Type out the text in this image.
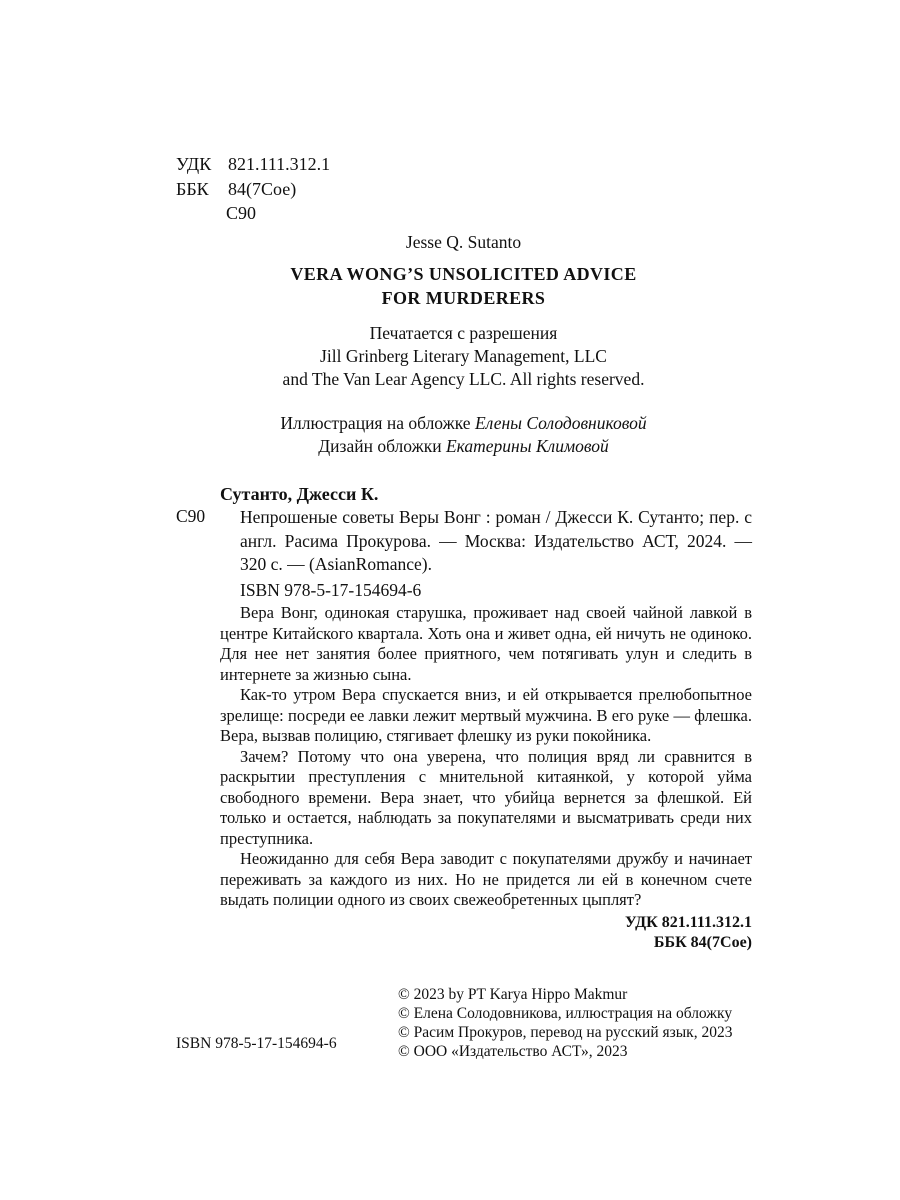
УДК 821.111.312.1
ББК 84(7Сое)
С90
Jesse Q. Sutanto
VERA WONG’S UNSOLICITED ADVICE
FOR MURDERERS
Печатается с разрешения
Jill Grinberg Literary Management, LLC
and The Van Lear Agency LLC. All rights reserved.
Иллюстрация на обложке Елены Солодовниковой
Дизайн обложки Екатерины Климовой
Сутанто, Джесси К.
С90 Непрошеные советы Веры Вонг : роман / Джесси К. Сутанто; пер. с англ. Расима Прокурова. — Москва: Издательство АСТ, 2024. — 320 с. — (AsianRomance).
ISBN 978-5-17-154694-6

Вера Вонг, одинокая старушка, проживает над своей чайной лавкой в центре Китайского квартала. Хоть она и живет одна, ей ничуть не одиноко. Для нее нет занятия более приятного, чем потягивать улун и следить в интернете за жизнью сына.

Как-то утром Вера спускается вниз, и ей открывается прелюбопытное зрелище: посреди ее лавки лежит мертвый мужчина. В его руке — флешка. Вера, вызвав полицию, стягивает флешку из руки покойника.

Зачем? Потому что она уверена, что полиция вряд ли сравнится в раскрытии преступления с мнительной китаянкой, у которой уйма свободного времени. Вера знает, что убийца вернется за флешкой. Ей только и остается, наблюдать за покупателями и высматривать среди них преступника.

Неожиданно для себя Вера заводит с покупателями дружбу и начинает переживать за каждого из них. Но не придется ли ей в конечном счете выдать полиции одного из своих свежеобретенных цыплят?

УДК 821.111.312.1
ББК 84(7Сое)
ISBN 978-5-17-154694-6
© 2023 by PT Karya Hippo Makmur
© Елена Солодовникова, иллюстрация на обложку
© Расим Прокуров, перевод на русский язык, 2023
© ООО «Издательство АСТ», 2023
